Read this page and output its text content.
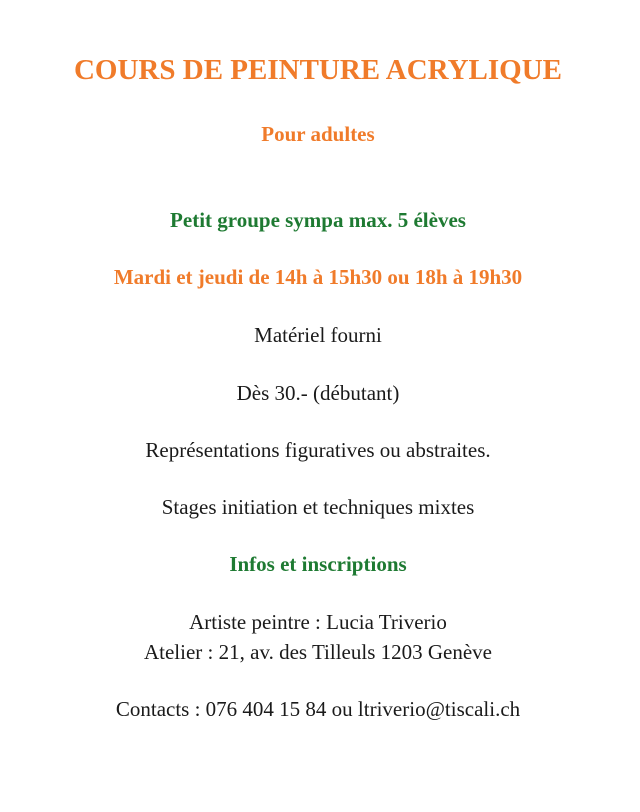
COURS DE PEINTURE ACRYLIQUE
Pour adultes
Petit groupe sympa max. 5 élèves
Mardi et jeudi de 14h à 15h30 ou 18h à 19h30
Matériel fourni
Dès 30.- (débutant)
Représentations figuratives ou abstraites.
Stages initiation et techniques mixtes
Infos et inscriptions
Artiste peintre : Lucia Triverio
Atelier : 21, av. des Tilleuls 1203 Genève
Contacts : 076 404 15 84 ou ltriverio@tiscali.ch
